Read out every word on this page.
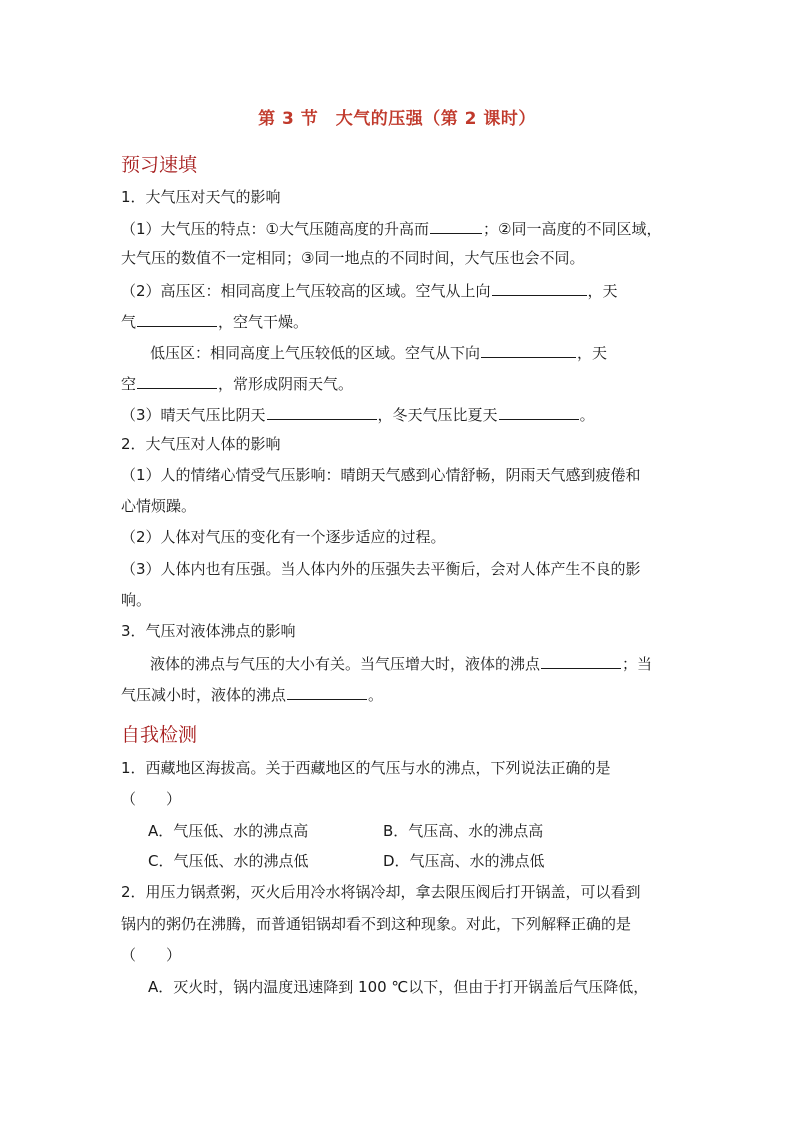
第 3 节　大气的压强（第 2 课时）
预习速填
1．大气压对天气的影响
（1）大气压的特点：①大气压随高度的升高而	；②同一高度的不同区域，
大气压的数值不一定相同；③同一地点的不同时间，大气压也会不同。
（2）高压区：相同高度上气压较高的区域。空气从上向	，天
气	，空气干燥。
低压区：相同高度上气压较低的区域。空气从下向	，天
空	，常形成阴雨天气。
（3）晴天气压比阴天	，冬天气压比夏天	。
2．大气压对人体的影响
（1）人的情绪心情受气压影响：晴朗天气感到心情舒畅，阴雨天气感到疲倦和
心情烦躁。
（2）人体对气压的变化有一个逐步适应的过程。
（3）人体内也有压强。当人体内外的压强失去平衡后，会对人体产生不良的影
响。
3．气压对液体沸点的影响
液体的沸点与气压的大小有关。当气压增大时，液体的沸点	；当
气压减小时，液体的沸点	。
自我检测
1．西藏地区海拔高。关于西藏地区的气压与水的沸点，下列说法正确的是
（　　）
A．气压低、水的沸点高	B．气压高、水的沸点高
C．气压低、水的沸点低	D．气压高、水的沸点低
2．用压力锅煮粥，灭火后用冷水将锅冷却，拿去限压阀后打开锅盖，可以看到
锅内的粥仍在沸腾，而普通铝锅却看不到这种现象。对此，下列解释正确的是
（　　）
A．灭火时，锅内温度迅速降到 100 ℃以下，但由于打开锅盖后气压降低，
